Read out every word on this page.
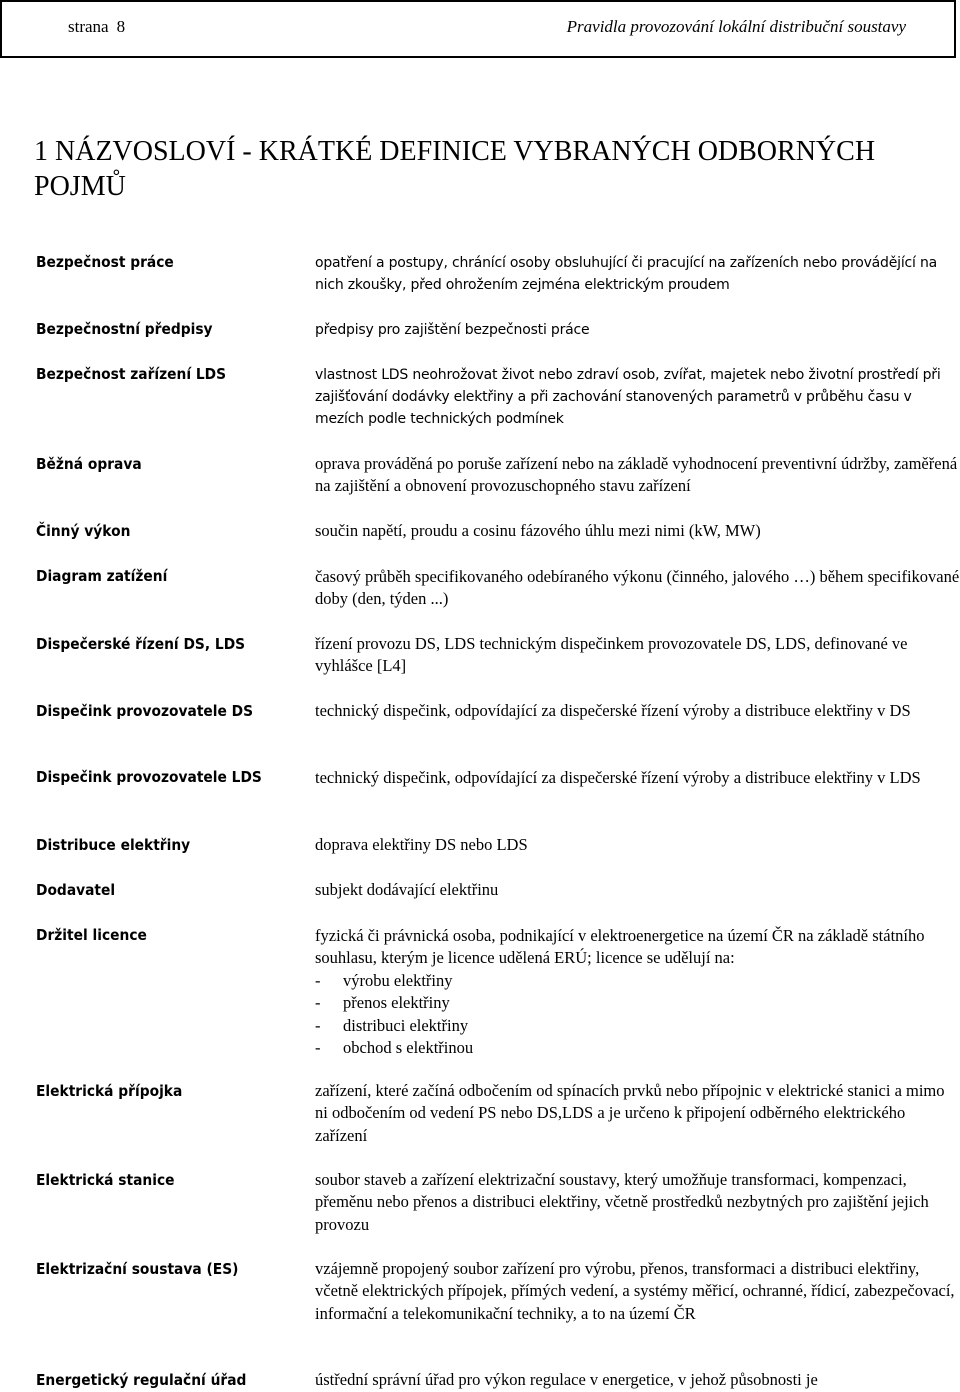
strana 8	Pravidla provozování lokální distribuční soustavy
1 NÁZVOSLOVÍ - KRÁTKÉ DEFINICE VYBRANÝCH ODBORNÝCH POJMŮ
Bezpečnost práce
Bezpečnostní předpisy
Bezpečnost zařízení LDS
Běžná oprava
Činný výkon
Diagram zatížení
Dispečerské řízení DS, LDS
Dispečink provozovatele DS
Dispečink provozovatele LDS
Distribuce elektřiny
Dodavatel
Držitel licence
Elektrická přípojka
Elektrická stanice
Elektrizační soustava (ES)
Energetický regulační úřad
opatření a postupy, chránící osoby obsluhující či pracující na zařízeních nebo provádějící na nich zkoušky, před ohrožením zejména elektrickým proudem
předpisy pro zajištění bezpečnosti práce
vlastnost LDS neohrožovat život nebo zdraví osob, zvířat, majetek nebo životní prostředí při zajišťování dodávky elektřiny a při zachování stanovených parametrů v průběhu času v mezích podle technických podmínek
oprava prováděná po poruše zařízení nebo na základě vyhodnocení preventivní údržby, zaměřená na zajištění a obnovení provozuschopného stavu zařízení
součin napětí, proudu a cosinu fázového úhlu mezi nimi (kW, MW)
časový průběh specifikovaného odebíraného výkonu (činného, jalového …) během specifikované doby (den, týden ...)
řízení provozu DS, LDS technickým dispečinkem provozovatele DS, LDS, definované ve vyhlášce [L4]
technický dispečink, odpovídající za dispečerské řízení výroby a distribuce elektřiny v DS
technický dispečink, odpovídající za dispečerské řízení výroby a distribuce elektřiny v LDS
doprava elektřiny DS nebo LDS
subjekt dodávající elektřinu
fyzická či právnická osoba, podnikající v elektroenergetice na území ČR na základě státního souhlasu, kterým je licence udělená ERÚ; licence se udělují na:
- výrobu elektřiny
- přenos elektřiny
- distribuci elektřiny
- obchod s elektřinou
zařízení, které začíná odbočením od spínacích prvků nebo přípojnic v elektrické stanici a mimo ni odbočením od vedení PS nebo DS,LDS a je určeno k připojení odběrného elektrického zařízení
soubor staveb a zařízení elektrizační soustavy, který umožňuje transformaci, kompenzaci, přeměnu nebo přenos a distribuci elektřiny, včetně prostředků nezbytných pro zajištění jejich provozu
vzájemně propojený soubor zařízení pro výrobu, přenos, transformaci a distribuci elektřiny, včetně elektrických přípojek, přímých vedení, a systémy měřicí, ochranné, řídicí, zabezpečovací, informační a telekomunikační techniky, a to na území ČR
ústřední správní úřad pro výkon regulace v energetice, v jehož působnosti je
